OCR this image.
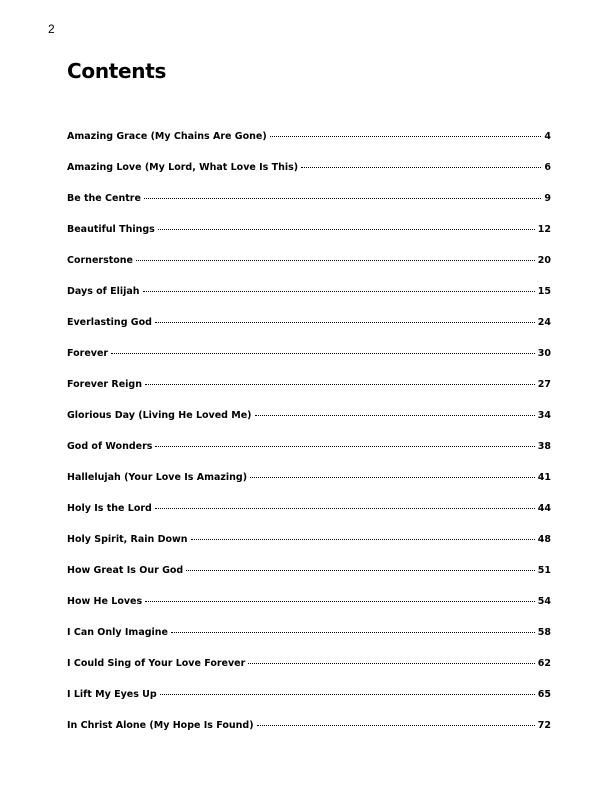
2
Contents
Amazing Grace (My Chains Are Gone)	4
Amazing Love (My Lord, What Love Is This)	6
Be the Centre	9
Beautiful Things	12
Cornerstone	20
Days of Elijah	15
Everlasting God	24
Forever	30
Forever Reign	27
Glorious Day (Living He Loved Me)	34
God of Wonders	38
Hallelujah (Your Love Is Amazing)	41
Holy Is the Lord	44
Holy Spirit, Rain Down	48
How Great Is Our God	51
How He Loves	54
I Can Only Imagine	58
I Could Sing of Your Love Forever	62
I Lift My Eyes Up	65
In Christ Alone (My Hope Is Found)	72
